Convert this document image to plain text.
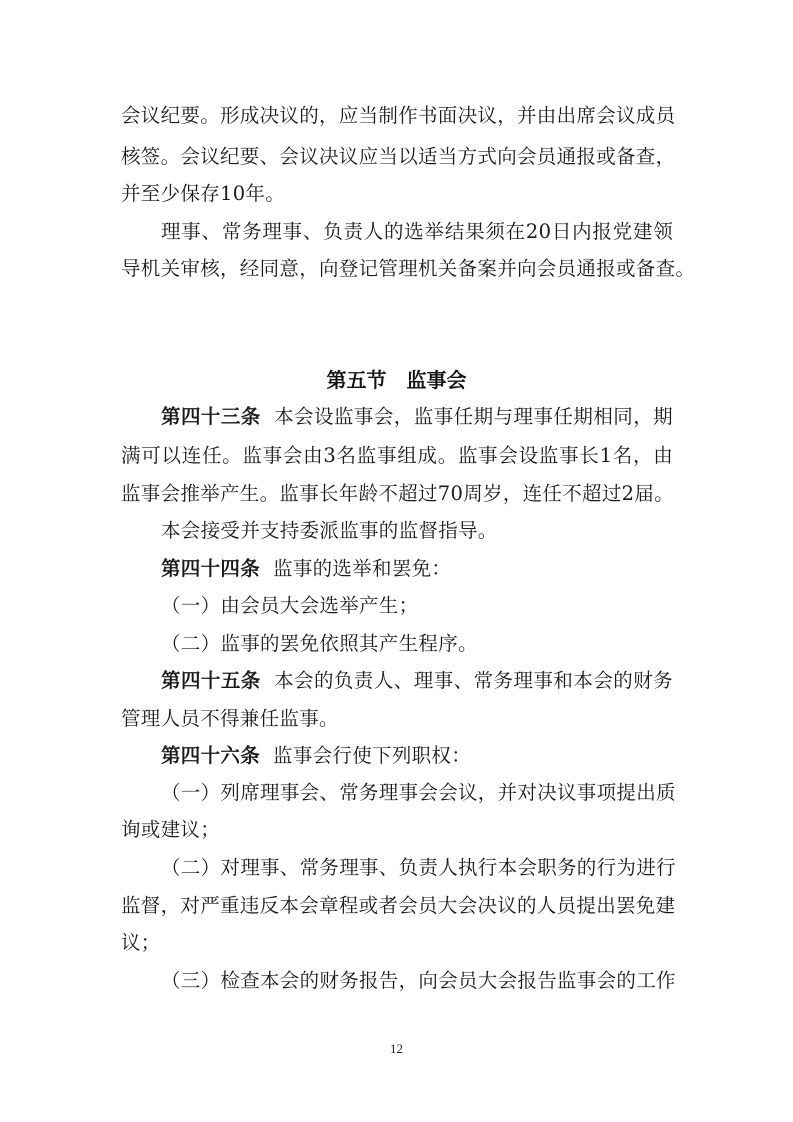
会议纪要。形成决议的，应当制作书面决议，并由出席会议成员
核签。会议纪要、会议决议应当以适当方式向会员通报或备查，
并至少保存10年。
理事、常务理事、负责人的选举结果须在20日内报党建领
导机关审核，经同意，向登记管理机关备案并向会员通报或备查。
第五节 监事会
第四十三条 本会设监事会，监事任期与理事任期相同，期
满可以连任。监事会由3名监事组成。监事会设监事长1名，由
监事会推举产生。监事长年龄不超过70周岁，连任不超过2届。
本会接受并支持委派监事的监督指导。
第四十四条 监事的选举和罢免：
（一）由会员大会选举产生；
（二）监事的罢免依照其产生程序。
第四十五条 本会的负责人、理事、常务理事和本会的财务
管理人员不得兼任监事。
第四十六条 监事会行使下列职权：
（一）列席理事会、常务理事会会议，并对决议事项提出质
询或建议；
（二）对理事、常务理事、负责人执行本会职务的行为进行
监督，对严重违反本会章程或者会员大会决议的人员提出罢免建
议；
（三）检查本会的财务报告，向会员大会报告监事会的工作
12
